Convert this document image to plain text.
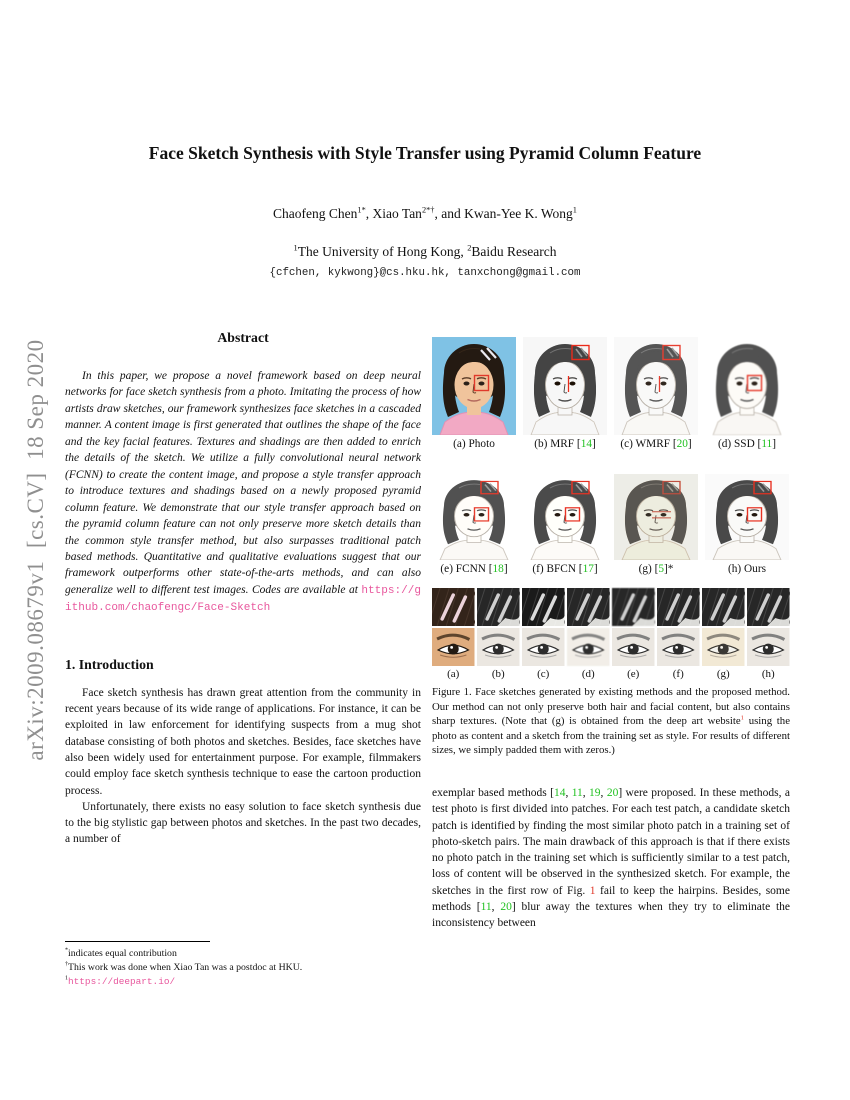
arXiv:2009.08679v1  [cs.CV]  18 Sep 2020
Face Sketch Synthesis with Style Transfer using Pyramid Column Feature
Chaofeng Chen$^{1*}$, Xiao Tan$^{2*\dagger}$, and Kwan-Yee K. Wong$^1$
$^1$The University of Hong Kong, $^2$Baidu Research
{cfchen, kykwong}@cs.hku.hk, tanxchong@gmail.com
Abstract

In this paper, we propose a novel framework based on deep neural networks for face sketch synthesis from a photo. Imitating the process of how artists draw sketches, our framework synthesizes face sketches in a cascaded manner. A content image is first generated that outlines the shape of the face and the key facial features. Textures and shadings are then added to enrich the details of the sketch. We utilize a fully convolutional neural network (FCNN) to create the content image, and propose a style transfer approach to introduce textures and shadings based on a newly proposed pyramid column feature. We demonstrate that our style transfer approach based on the pyramid column feature can not only preserve more sketch details than the common style transfer method, but also surpasses traditional patch based methods. Quantitative and qualitative evaluations suggest that our framework outperforms other state-of-the-arts methods, and can also generalize well to different test images. Codes are available at https://github.com/chaofengc/Face-Sketch

1. Introduction

Face sketch synthesis has drawn great attention from the community in recent years because of its wide range of applications. For instance, it can be exploited in law enforcement for identifying suspects from a mug shot database consisting of both photos and sketches. Besides, face sketches have also been widely used for entertainment purpose. For example, filmmakers could employ face sketch synthesis technique to ease the cartoon production process.

Unfortunately, there exists no easy solution to face sketch synthesis due to the big stylistic gap between photos and sketches. In the past two decades, a number of

*indicates equal contribution
†This work was done when Xiao Tan was a postdoc at HKU.
$^1$https://deepart.io/
(a) Photo	(b) MRF [14] (c) WMRF [20] (d) SSD [11]
(e) FCNN [18] (f) BFCN [17]	(g) [5]*	(h) Ours
(a)	(b)	(c)	(d)	(e)	(f)	(g)	(h)

Figure 1. Face sketches generated by existing methods and the proposed method. Our method can not only preserve both hair and facial content, but also contains sharp textures. (Note that (g) is obtained from the deep art website$^1$ using the photo as content and a sketch from the training set as style. For results of different sizes, we simply padded them with zeros.)

exemplar based methods [14, 11, 19, 20] were proposed. In these methods, a test photo is first divided into patches. For each test patch, a candidate sketch patch is identified by finding the most similar photo patch in a training set of photo-sketch pairs. The main drawback of this approach is that if there exists no photo patch in the training set which is sufficiently similar to a test patch, loss of content will be observed in the synthesized sketch. For example, the sketches in the first row of Fig. 1 fail to keep the hairpins. Besides, some methods [11, 20] blur away the textures when they try to eliminate the inconsistency between
